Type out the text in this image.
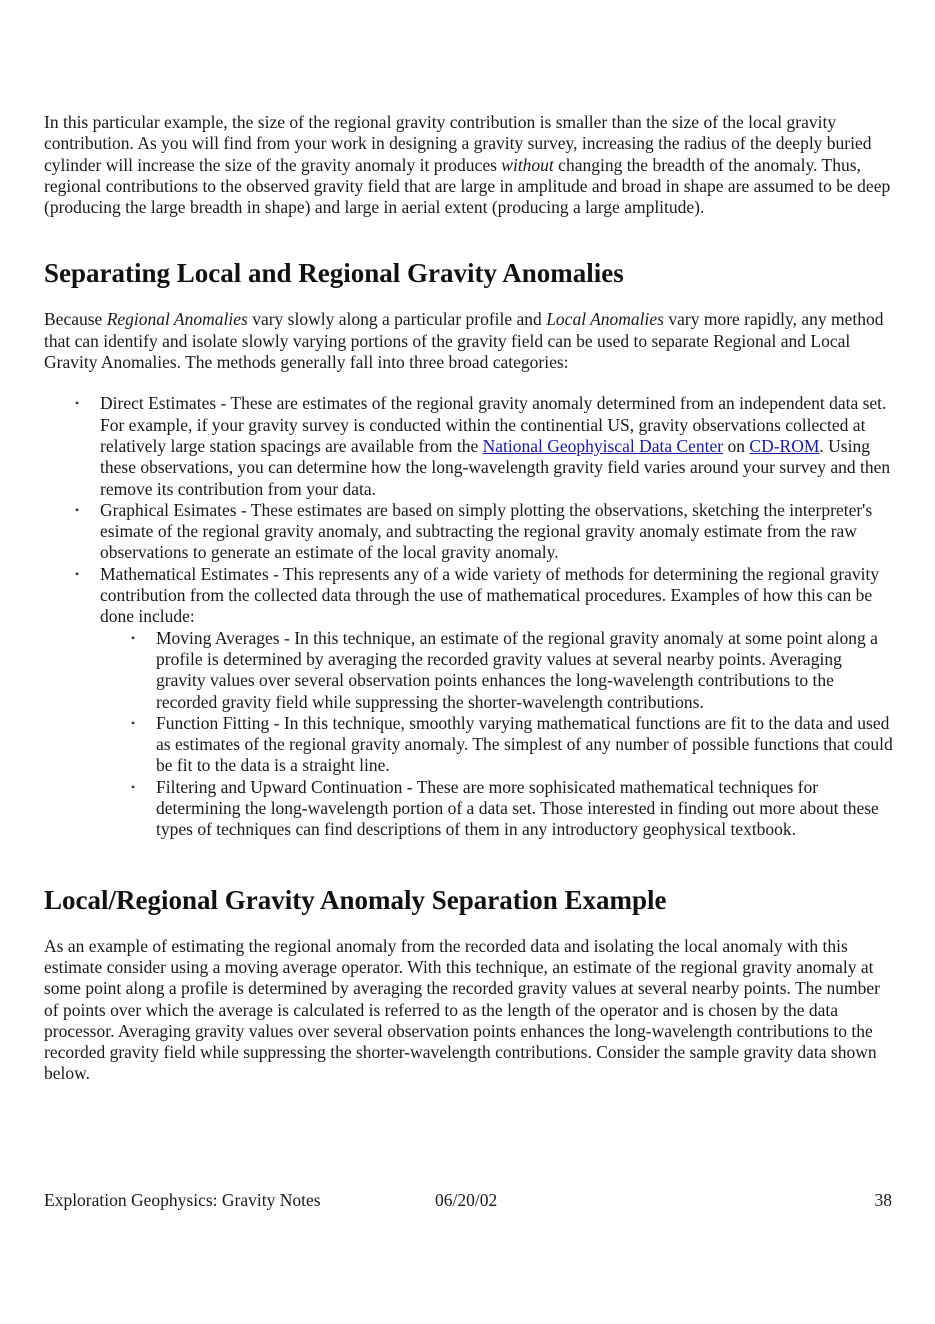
In this particular example, the size of the regional gravity contribution is smaller than the size of the local gravity contribution. As you will find from your work in designing a gravity survey, increasing the radius of the deeply buried cylinder will increase the size of the gravity anomaly it produces without changing the breadth of the anomaly. Thus, regional contributions to the observed gravity field that are large in amplitude and broad in shape are assumed to be deep (producing the large breadth in shape) and large in aerial extent (producing a large amplitude).

Separating Local and Regional Gravity Anomalies

Because Regional Anomalies vary slowly along a particular profile and Local Anomalies vary more rapidly, any method that can identify and isolate slowly varying portions of the gravity field can be used to separate Regional and Local Gravity Anomalies. The methods generally fall into three broad categories:

• Direct Estimates - These are estimates of the regional gravity anomaly determined from an independent data set. For example, if your gravity survey is conducted within the continential US, gravity observations collected at relatively large station spacings are available from the National Geophyiscal Data Center on CD-ROM. Using these observations, you can determine how the long-wavelength gravity field varies around your survey and then remove its contribution from your data.
• Graphical Esimates - These estimates are based on simply plotting the observations, sketching the interpreter's esimate of the regional gravity anomaly, and subtracting the regional gravity anomaly estimate from the raw observations to generate an estimate of the local gravity anomaly.
• Mathematical Estimates - This represents any of a wide variety of methods for determining the regional gravity contribution from the collected data through the use of mathematical procedures. Examples of how this can be done include:
• Moving Averages - In this technique, an estimate of the regional gravity anomaly at some point along a profile is determined by averaging the recorded gravity values at several nearby points. Averaging gravity values over several observation points enhances the long-wavelength contributions to the recorded gravity field while suppressing the shorter-wavelength contributions.
• Function Fitting - In this technique, smoothly varying mathematical functions are fit to the data and used as estimates of the regional gravity anomaly. The simplest of any number of possible functions that could be fit to the data is a straight line.
• Filtering and Upward Continuation - These are more sophisicated mathematical techniques for determining the long-wavelength portion of a data set. Those interested in finding out more about these types of techniques can find descriptions of them in any introductory geophysical textbook.
Local/Regional Gravity Anomaly Separation Example

As an example of estimating the regional anomaly from the recorded data and isolating the local anomaly with this estimate consider using a moving average operator. With this technique, an estimate of the regional gravity anomaly at some point along a profile is determined by averaging the recorded gravity values at several nearby points. The number of points over which the average is calculated is referred to as the length of the operator and is chosen by the data processor. Averaging gravity values over several observation points enhances the long-wavelength contributions to the recorded gravity field while suppressing the shorter-wavelength contributions. Consider the sample gravity data shown below.

Exploration Geophysics: Gravity Notes	06/20/02	38
